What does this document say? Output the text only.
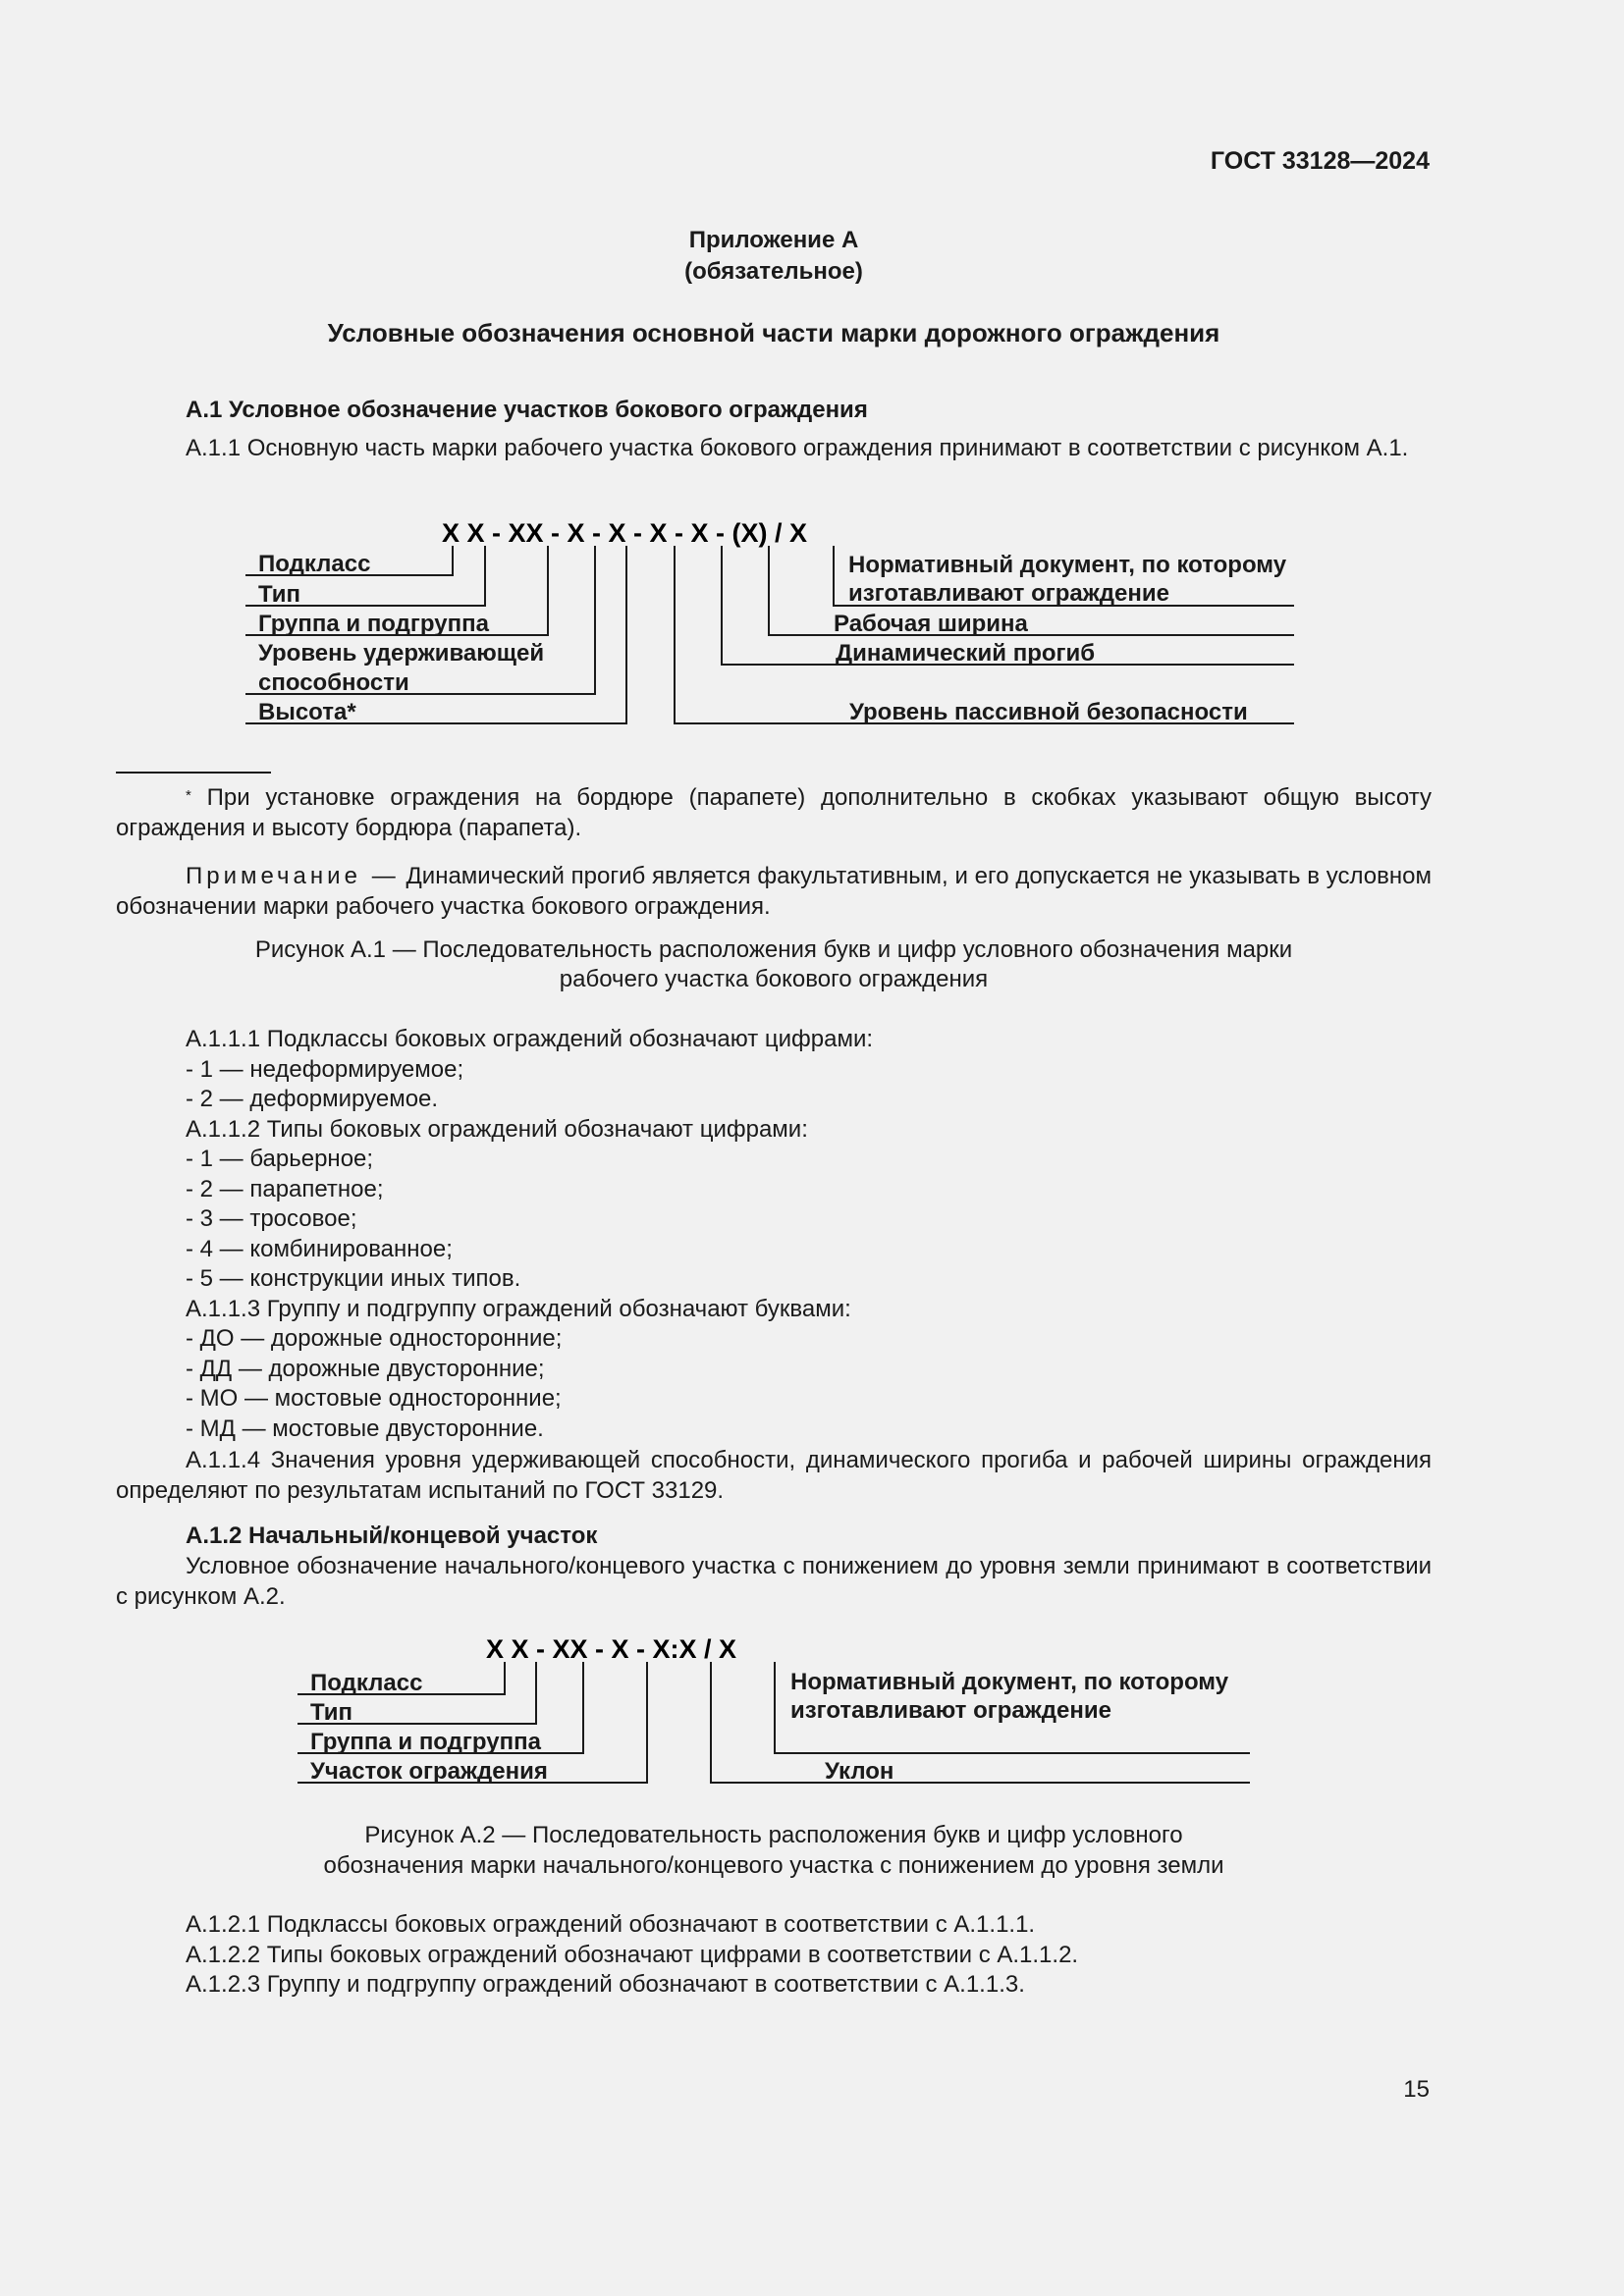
ГОСТ 33128—2024
Приложение А
(обязательное)
Условные обозначения основной части марки дорожного ограждения
А.1 Условное обозначение участков бокового ограждения
А.1.1 Основную часть марки рабочего участка бокового ограждения принимают в соответствии с рисунком А.1.
Х Х - ХХ - Х - Х - Х - Х - (Х) / Х
Подкласс
Тип
Группа и подгруппа
Уровень удерживающей
способности
Высота*
Нормативный документ, по которому
изготавливают ограждение
Рабочая ширина
Динамический прогиб
Уровень пассивной безопасности
* При установке ограждения на бордюре (парапете) дополнительно в скобках указывают общую высоту ограждения и высоту бордюра (парапета).
Примечание — Динамический прогиб является факультативным, и его допускается не указывать в условном обозначении марки рабочего участка бокового ограждения.
Рисунок А.1 — Последовательность расположения букв и цифр условного обозначения марки
рабочего участка бокового ограждения
А.1.1.1 Подклассы боковых ограждений обозначают цифрами:
- 1 — недеформируемое;
- 2 — деформируемое.
А.1.1.2 Типы боковых ограждений обозначают цифрами:
- 1 — барьерное;
- 2 — парапетное;
- 3 — тросовое;
- 4 — комбинированное;
- 5 — конструкции иных типов.
А.1.1.3 Группу и подгруппу ограждений обозначают буквами:
- ДО — дорожные односторонние;
- ДД — дорожные двусторонние;
- МО — мостовые односторонние;
- МД — мостовые двусторонние.
А.1.1.4 Значения уровня удерживающей способности, динамического прогиба и рабочей ширины ограждения определяют по результатам испытаний по ГОСТ 33129.
А.1.2 Начальный/концевой участок
Условное обозначение начального/концевого участка с понижением до уровня земли принимают в соответствии с рисунком А.2.
Х Х - ХХ - Х - Х:Х / Х
Подкласс
Тип
Группа и подгруппа
Участок ограждения
Нормативный документ, по которому
изготавливают ограждение
Уклон
Рисунок А.2 — Последовательность расположения букв и цифр условного
обозначения марки начального/концевого участка с понижением до уровня земли
А.1.2.1 Подклассы боковых ограждений обозначают в соответствии с А.1.1.1.
А.1.2.2 Типы боковых ограждений обозначают цифрами в соответствии с А.1.1.2.
А.1.2.3 Группу и подгруппу ограждений обозначают в соответствии с А.1.1.3.
15
